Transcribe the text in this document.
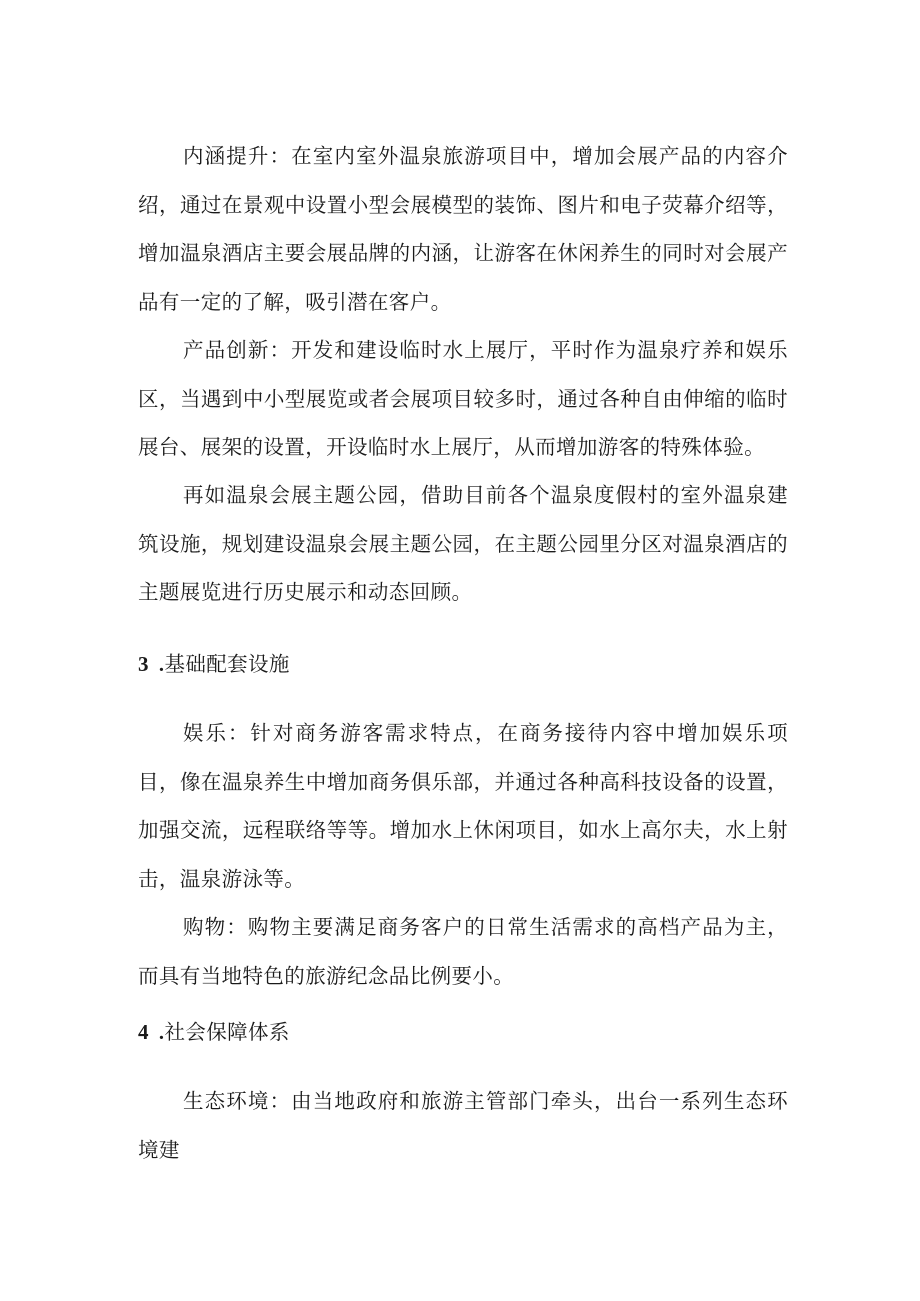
内涵提升：在室内室外温泉旅游项目中，增加会展产品的内容介绍，通过在景观中设置小型会展模型的装饰、图片和电子荧幕介绍等，增加温泉酒店主要会展品牌的内涵，让游客在休闲养生的同时对会展产品有一定的了解，吸引潜在客户。

产品创新：开发和建设临时水上展厅，平时作为温泉疗养和娱乐区，当遇到中小型展览或者会展项目较多时，通过各种自由伸缩的临时展台、展架的设置，开设临时水上展厅，从而增加游客的特殊体验。

再如温泉会展主题公园，借助目前各个温泉度假村的室外温泉建筑设施，规划建设温泉会展主题公园，在主题公园里分区对温泉酒店的主题展览进行历史展示和动态回顾。

3 .基础配套设施

娱乐：针对商务游客需求特点，在商务接待内容中增加娱乐项目，像在温泉养生中增加商务俱乐部，并通过各种高科技设备的设置，加强交流，远程联络等等。增加水上休闲项目，如水上高尔夫，水上射击，温泉游泳等。

购物：购物主要满足商务客户的日常生活需求的高档产品为主，而具有当地特色的旅游纪念品比例要小。

4 .社会保障体系

生态环境：由当地政府和旅游主管部门牵头，出台一系列生态环境建
